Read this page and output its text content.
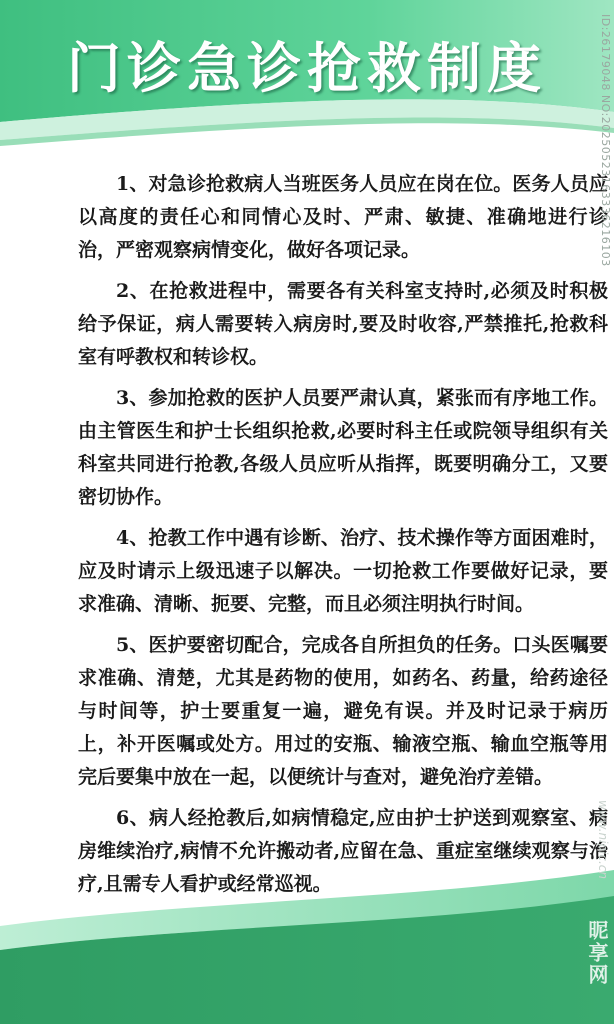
门诊急诊抢救制度

1、对急诊抢救病人当班医务人员应在岗在位。医务人员应以高度的责任心和同情心及时、严肃、敏捷、准确地进行诊治，严密观察病情变化，做好各项记录。

2、在抢救进程中，需要各有关科室支持时,必须及时积极给予保证，病人需要转入病房时,要及时收容,严禁推托,抢救科室有呼教权和转诊权。

3、参加抢救的医护人员要严肃认真，紧张而有序地工作。由主管医生和护士长组织抢救,必要时科主任或院领导组织有关科室共同进行抢教,各级人员应听从指挥，既要明确分工，又要密切协作。

4、抢教工作中遇有诊断、治疗、技术操作等方面困难时，应及时请示上级迅速子以解决。一切抢救工作要做好记录，要求准确、清晰、扼要、完整，而且必须注明执行时间。

5、医护要密切配合，完成各自所担负的任务。口头医嘱要求准确、清楚，尤其是药物的使用，如药名、药量，给药途径与时间等，护士要重复一遍，避免有误。并及时记录于病历上，补开医嘱或处方。用过的安瓶、输液空瓶、输血空瓶等用完后要集中放在一起，以便统计与查对，避免治疗差错。

6、病人经抢教后,如病情稳定,应由护士护送到观察室、病房维续治疗,病情不允许搬动者,应留在急、重症室继续观察与治疗,且需专人看护或经常巡视。

ID:26179048 NO:20250523163336216103
www.nipic.cn
昵享网
